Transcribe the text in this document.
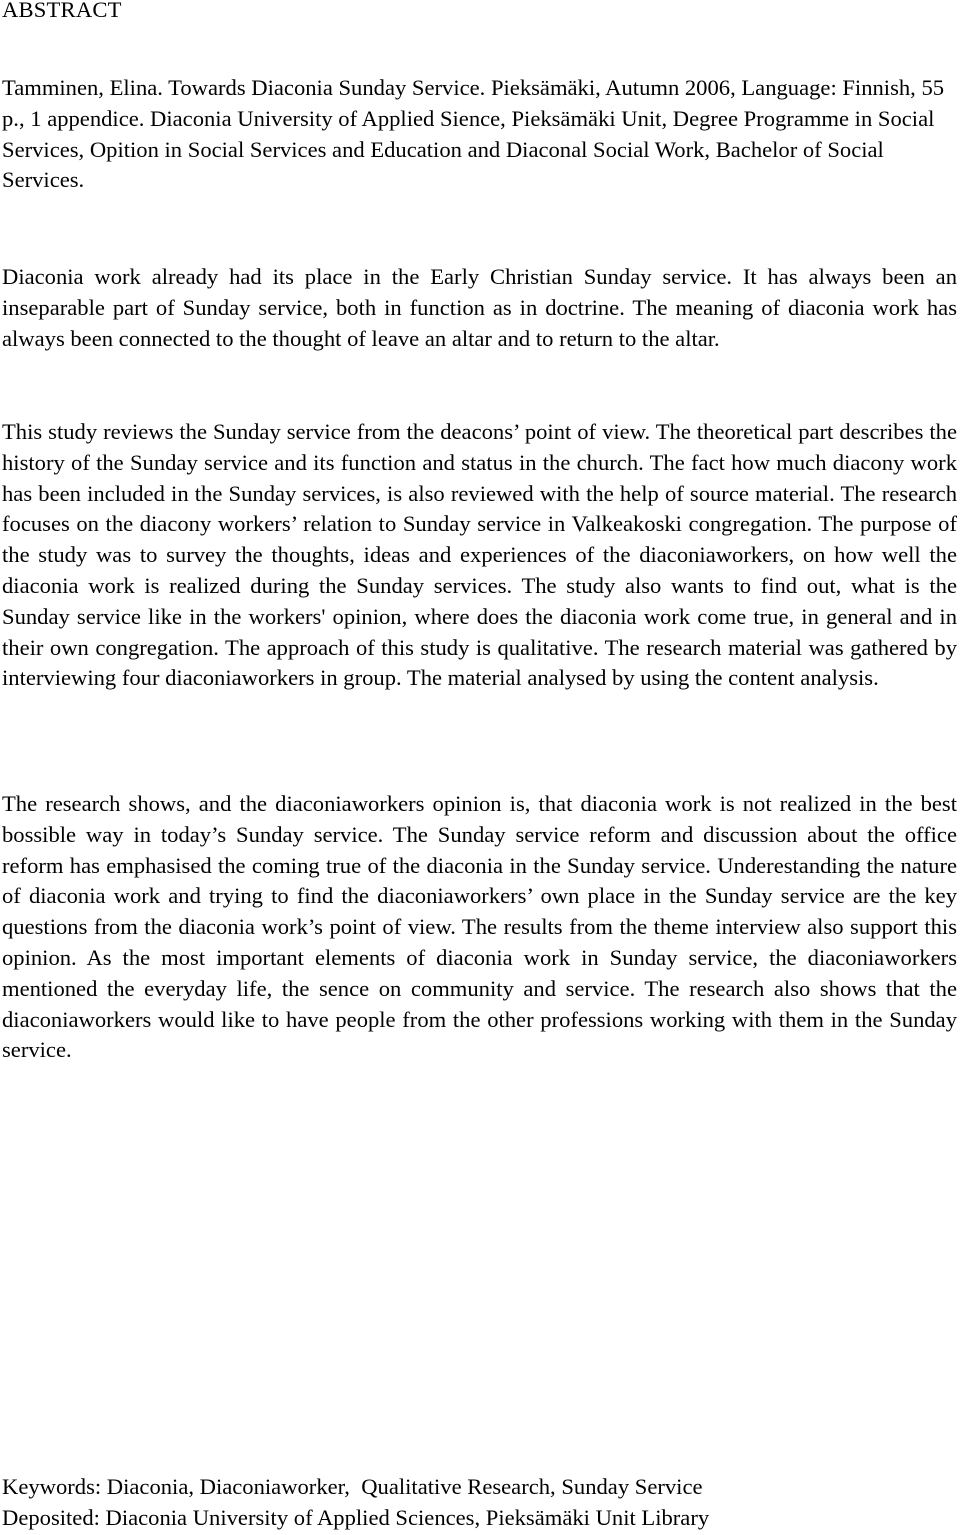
ABSTRACT

Tamminen, Elina. Towards Diaconia Sunday Service. Pieksämäki, Autumn 2006, Language: Finnish, 55 p., 1 appendice. Diaconia University of Applied Sience, Pieksämäki Unit, Degree Programme in Social Services, Opition in Social Services and Education and Diaconal Social Work, Bachelor of Social Services.

Diaconia work already had its place in the Early Christian Sunday service. It has always been an inseparable part of Sunday service, both in function as in doctrine. The meaning of diaconia work has always been connected to the thought of leave an altar and to return to the altar.

This study reviews the Sunday service from the deacons’ point of view. The theoretical part describes the history of the Sunday service and its function and status in the church. The fact how much diacony work has been included in the Sunday services, is also reviewed with the help of source material. The research focuses on the diacony workers’ relation to Sunday service in Valkeakoski congregation. The purpose of the study was to survey the thoughts, ideas and experiences of the diaconiaworkers, on how well the diaconia work is realized during the Sunday services. The study also wants to find out, what is the Sunday service like in the workers' opinion, where does the diaconia work come true, in general and in their own congregation. The approach of this study is qualitative. The research material was gathered by interviewing four diaconiaworkers in group. The material analysed by using the content analysis.

The research shows, and the diaconiaworkers opinion is, that diaconia work is not realized in the best bossible way in today’s Sunday service. The Sunday service reform and discussion about the office reform has emphasised the coming true of the diaconia in the Sunday service. Underestanding the nature of diaconia work and trying to find the diaconiaworkers’ own place in the Sunday service are the key questions from the diaconia work’s point of view. The results from the theme interview also support this opinion. As the most important elements of diaconia work in Sunday service, the diaconiaworkers mentioned the everyday life, the sence on community and service. The research also shows that the diaconiaworkers would like to have people from the other professions working with them in the Sunday service.

Keywords: Diaconia, Diaconiaworker,  Qualitative Research, Sunday Service

Deposited: Diaconia University of Applied Sciences, Pieksämäki Unit Library
